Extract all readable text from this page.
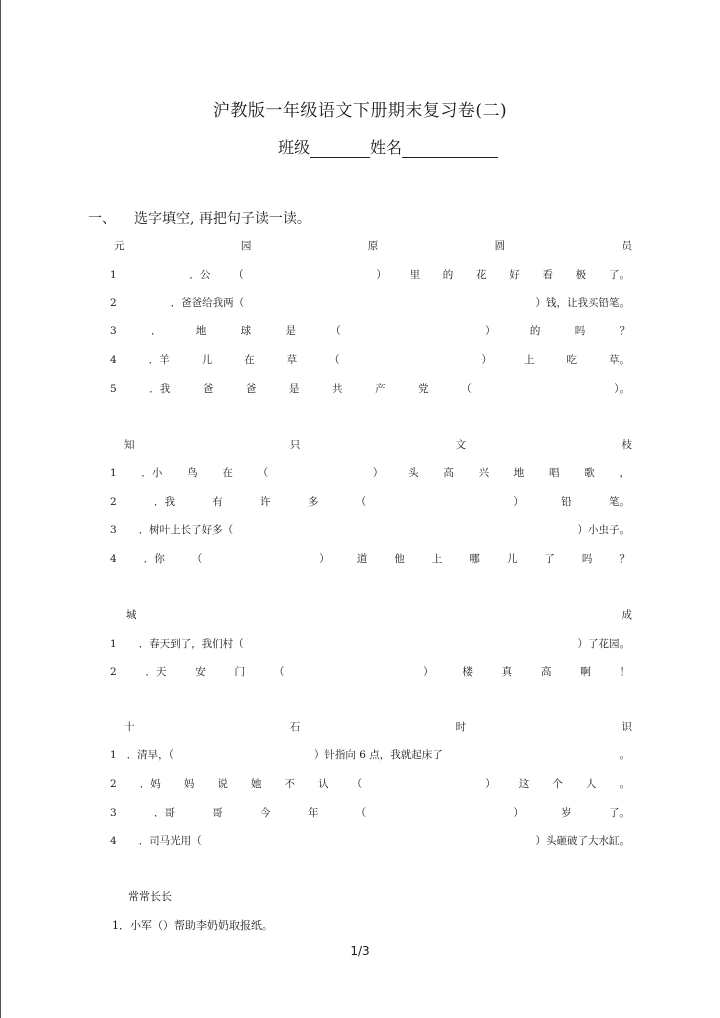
沪教版一年级语文下册期末复习卷(二)
班级	姓名
一、 选字填空, 再把句子读一读。
元	园	原	圆	员
1	．公 （	） 里 的 花 好 看 极 了。
2	．爸爸给我两（	）钱，让我买铅笔。
3	．	地	球	是	（	）	的	吗	？
4	．羊	儿	在	草	（	）	上	吃	草。
5	．我	爸	爸	是	共	产	党	（	）。
知	只	文	枝
1 ．小 鸟 在 （	） 头 高 兴 地 唱 歌 ，
2	．我	有	许	多	（	）	铅	笔。
3 ．树叶上长了好多（	）小虫子。
4	．你	（	）	道	他	上	哪	儿	了	吗	？
城	成
1 ．春天到了，我们村（	）了花园。
2	．天	安	门	（	）	楼	真	高	啊	！
十	石	时	识
1 ．清早，（	）针指向 6 点，我就起床了	。
2 ．妈 妈 说 她 不 认 （	） 这 个 人 。
3	．哥	哥	今	年	（	）	岁	了。
4 ．司马光用（	）头砸破了大水缸。
常常长长
1．小军（）帮助李奶奶取报纸。
1/3
